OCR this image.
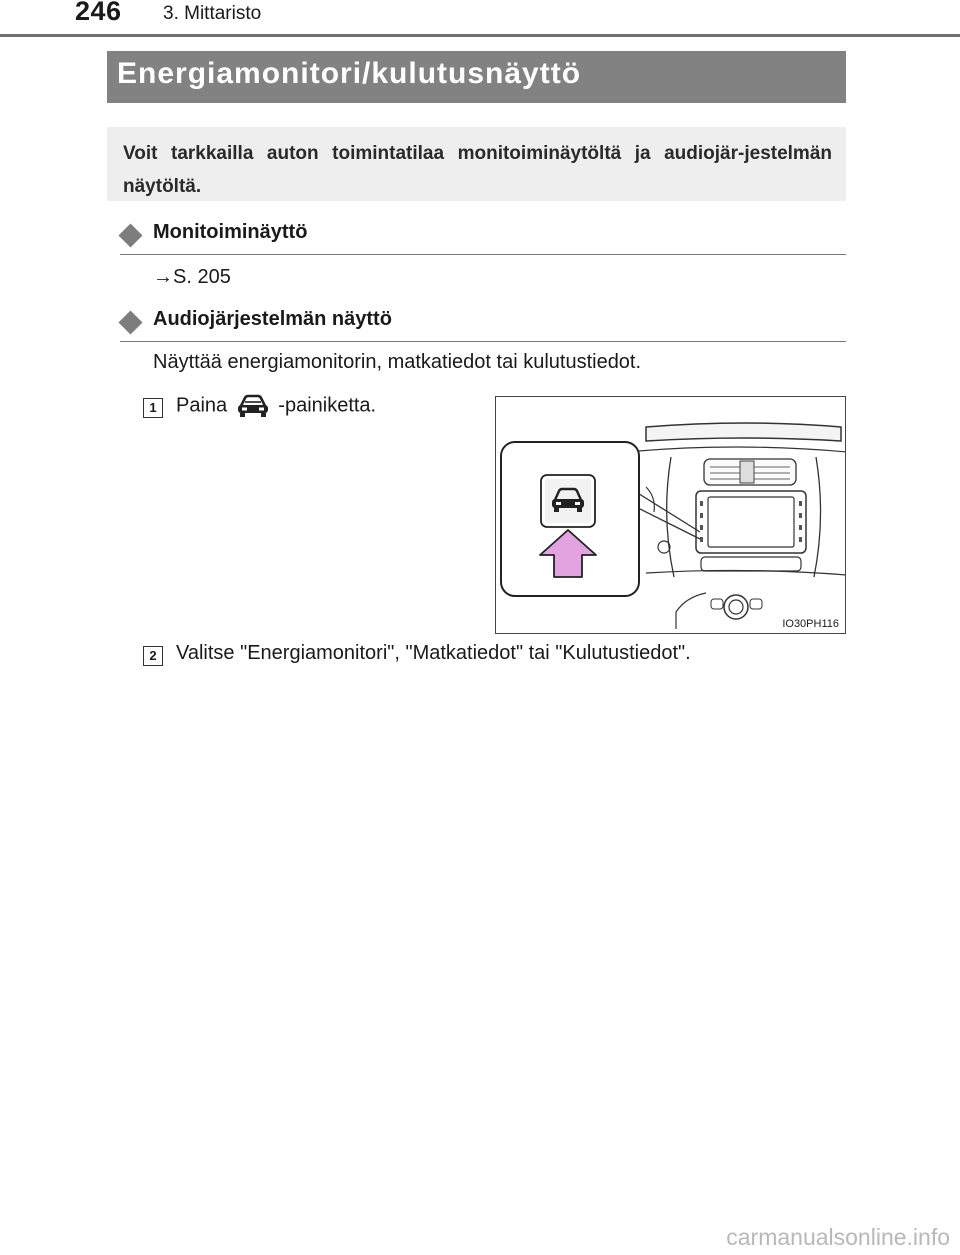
246 3. Mittaristo
Energiamonitori/kulutusnäyttö

Voit tarkkailla auton toimintatilaa monitoiminäytöltä ja audiojär-jestelmän näytöltä.

Monitoiminäyttö
→S. 205
Audiojärjestelmän näyttö
Näyttää energiamonitorin, matkatiedot tai kulutustiedot.
1 Paina	-painiketta.
IO30PH116
2 Valitse "Energiamonitori", "Matkatiedot" tai "Kulutustiedot".
carmanualsonline.info
